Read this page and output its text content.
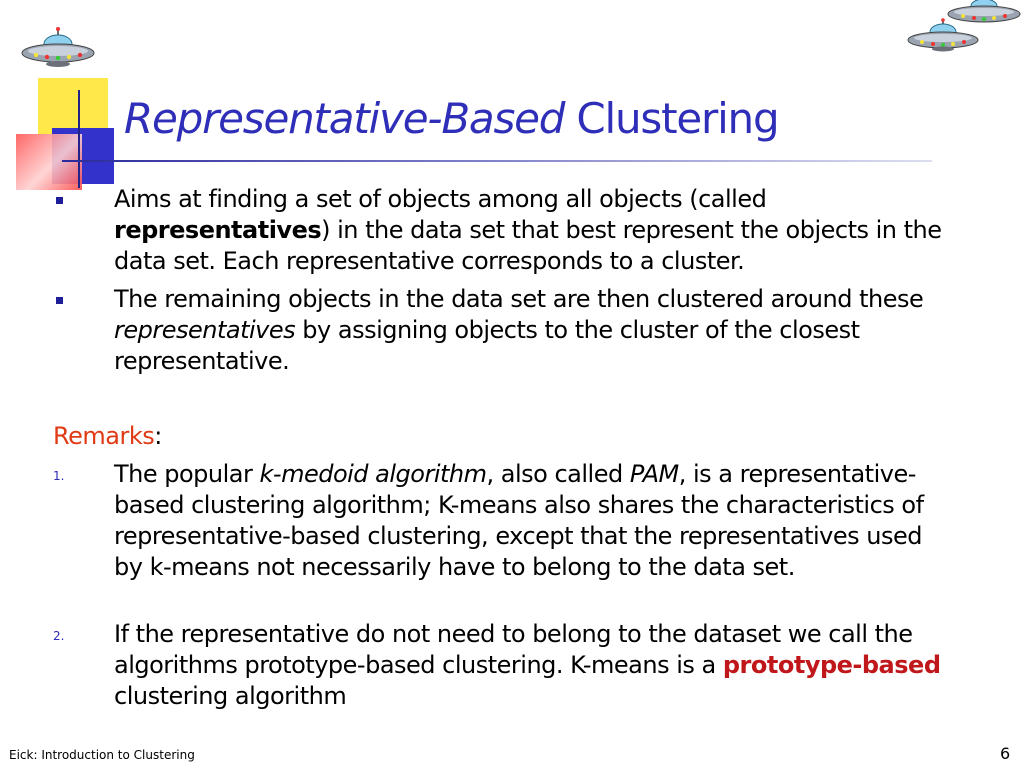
Representative-Based Clustering
Aims at finding a set of objects among all objects (called representatives) in the data set that best represent the objects in the data set. Each representative corresponds to a cluster.
The remaining objects in the data set are then clustered around these representatives by assigning objects to the cluster of the closest representative.
Remarks:
1. The popular k-medoid algorithm, also called PAM, is a representative-based clustering algorithm; K-means also shares the characteristics of representative-based clustering, except that the representatives used by k-means not necessarily have to belong to the data set.
2. If the representative do not need to belong to the dataset we call the algorithms prototype-based clustering. K-means is a prototype-based clustering algorithm
Eick: Introduction to Clustering	6
